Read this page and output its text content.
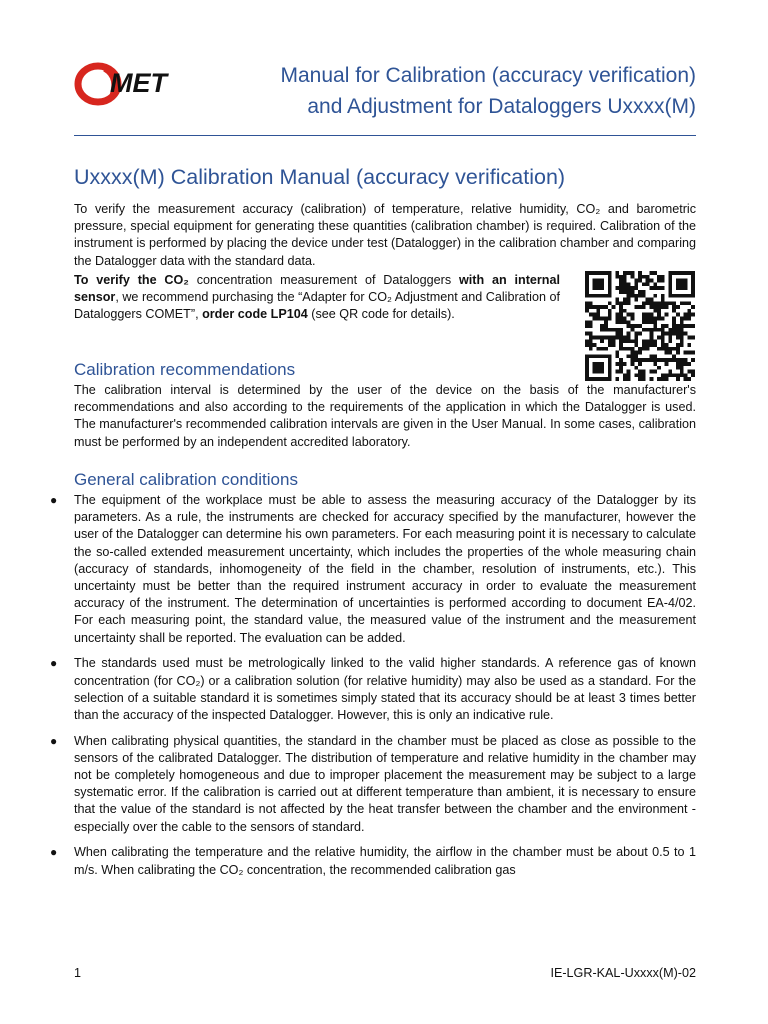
MET	Manual for Calibration (accuracy verification)
and Adjustment for Dataloggers Uxxxx(M)
Uxxxx(M) Calibration Manual (accuracy verification)
To verify the measurement accuracy (calibration) of temperature, relative humidity, CO₂ and barometric pressure, special equipment for generating these quantities (calibration chamber) is required. Calibration of the instrument is performed by placing the device under test (Datalogger) in the calibration chamber and comparing the Datalogger data with the standard data.
To verify the CO₂ concentration measurement of Dataloggers with an internal sensor, we recommend purchasing the “Adapter for CO₂ Adjustment and Calibration of Dataloggers COMET”, order code LP104 (see QR code for details).
Calibration recommendations
The calibration interval is determined by the user of the device on the basis of the manufacturer's recommendations and also according to the requirements of the application in which the Datalogger is used. The manufacturer's recommended calibration intervals are given in the User Manual. In some cases, calibration must be performed by an independent accredited laboratory.
General calibration conditions
● The equipment of the workplace must be able to assess the measuring accuracy of the Datalogger by its parameters. As a rule, the instruments are checked for accuracy specified by the manufacturer, however the user of the Datalogger can determine his own parameters. For each measuring point it is necessary to calculate the so-called extended measurement uncertainty, which includes the properties of the whole measuring chain (accuracy of standards, inhomogeneity of the field in the chamber, resolution of instruments, etc.). This uncertainty must be better than the required instrument accuracy in order to evaluate the measurement accuracy of the instrument. The determination of uncertainties is performed according to document EA-4/02. For each measuring point, the standard value, the measured value of the instrument and the measurement uncertainty shall be reported. The evaluation can be added.
● The standards used must be metrologically linked to the valid higher standards. A reference gas of known concentration (for CO₂) or a calibration solution (for relative humidity) may also be used as a standard. For the selection of a suitable standard it is sometimes simply stated that its accuracy should be at least 3 times better than the accuracy of the inspected Datalogger. However, this is only an indicative rule.
● When calibrating physical quantities, the standard in the chamber must be placed as close as possible to the sensors of the calibrated Datalogger. The distribution of temperature and relative humidity in the chamber may not be completely homogeneous and due to improper placement the measurement may be subject to a large systematic error. If the calibration is carried out at different temperature than ambient, it is necessary to ensure that the value of the standard is not affected by the heat transfer between the chamber and the environment - especially over the cable to the sensors of standard.
● When calibrating the temperature and the relative humidity, the airflow in the chamber must be about 0.5 to 1 m/s. When calibrating the CO₂ concentration, the recommended calibration gas
1	IE-LGR-KAL-Uxxxx(M)-02
